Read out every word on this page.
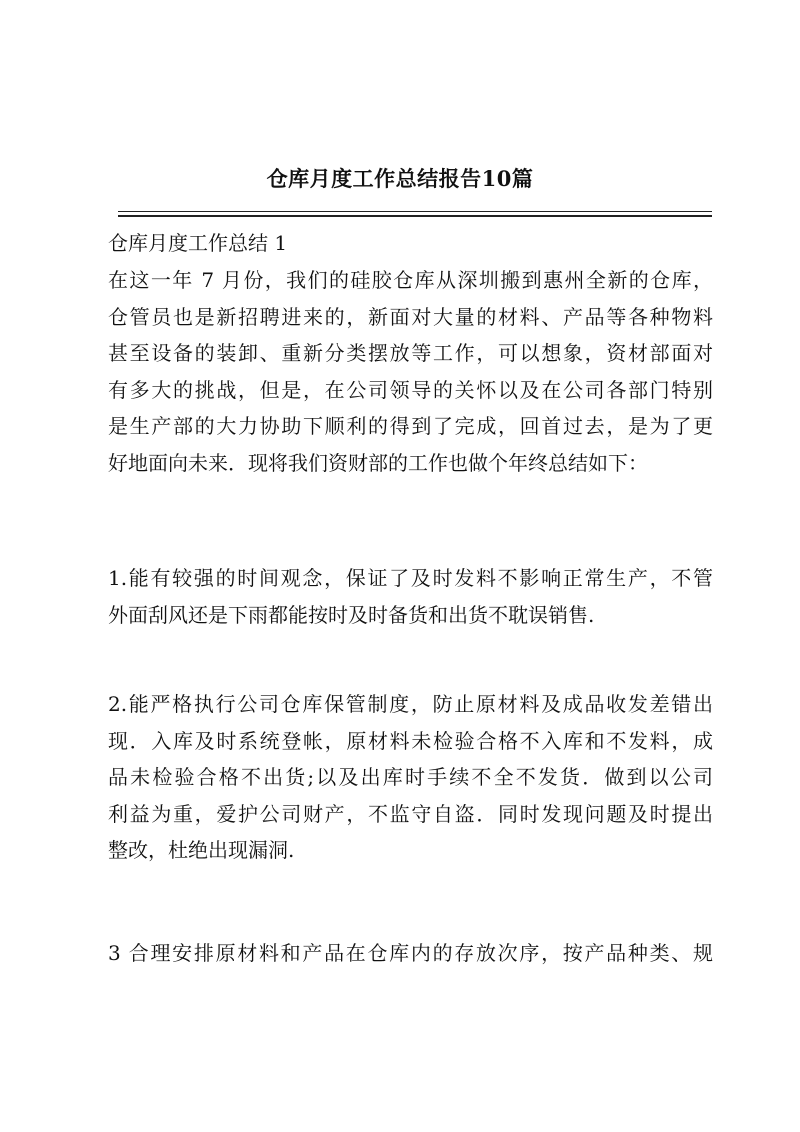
仓库月度工作总结报告10篇
仓库月度工作总结 1
在这一年 7 月份，我们的硅胶仓库从深圳搬到惠州全新的仓库，
仓管员也是新招聘进来的，新面对大量的材料、产品等各种物料
甚至设备的装卸、重新分类摆放等工作，可以想象，资材部面对
有多大的挑战，但是，在公司领导的关怀以及在公司各部门特别
是生产部的大力协助下顺利的得到了完成，回首过去，是为了更
好地面向未来．现将我们资财部的工作也做个年终总结如下：
1.能有较强的时间观念，保证了及时发料不影响正常生产，不管
外面刮风还是下雨都能按时及时备货和出货不耽误销售.
2.能严格执行公司仓库保管制度，防止原材料及成品收发差错出
现．入库及时系统登帐，原材料未检验合格不入库和不发料，成
品未检验合格不出货;以及出库时手续不全不发货．做到以公司
利益为重，爱护公司财产，不监守自盗．同时发现问题及时提出
整改，杜绝出现漏洞.
3 合理安排原材料和产品在仓库内的存放次序，按产品种类、规
